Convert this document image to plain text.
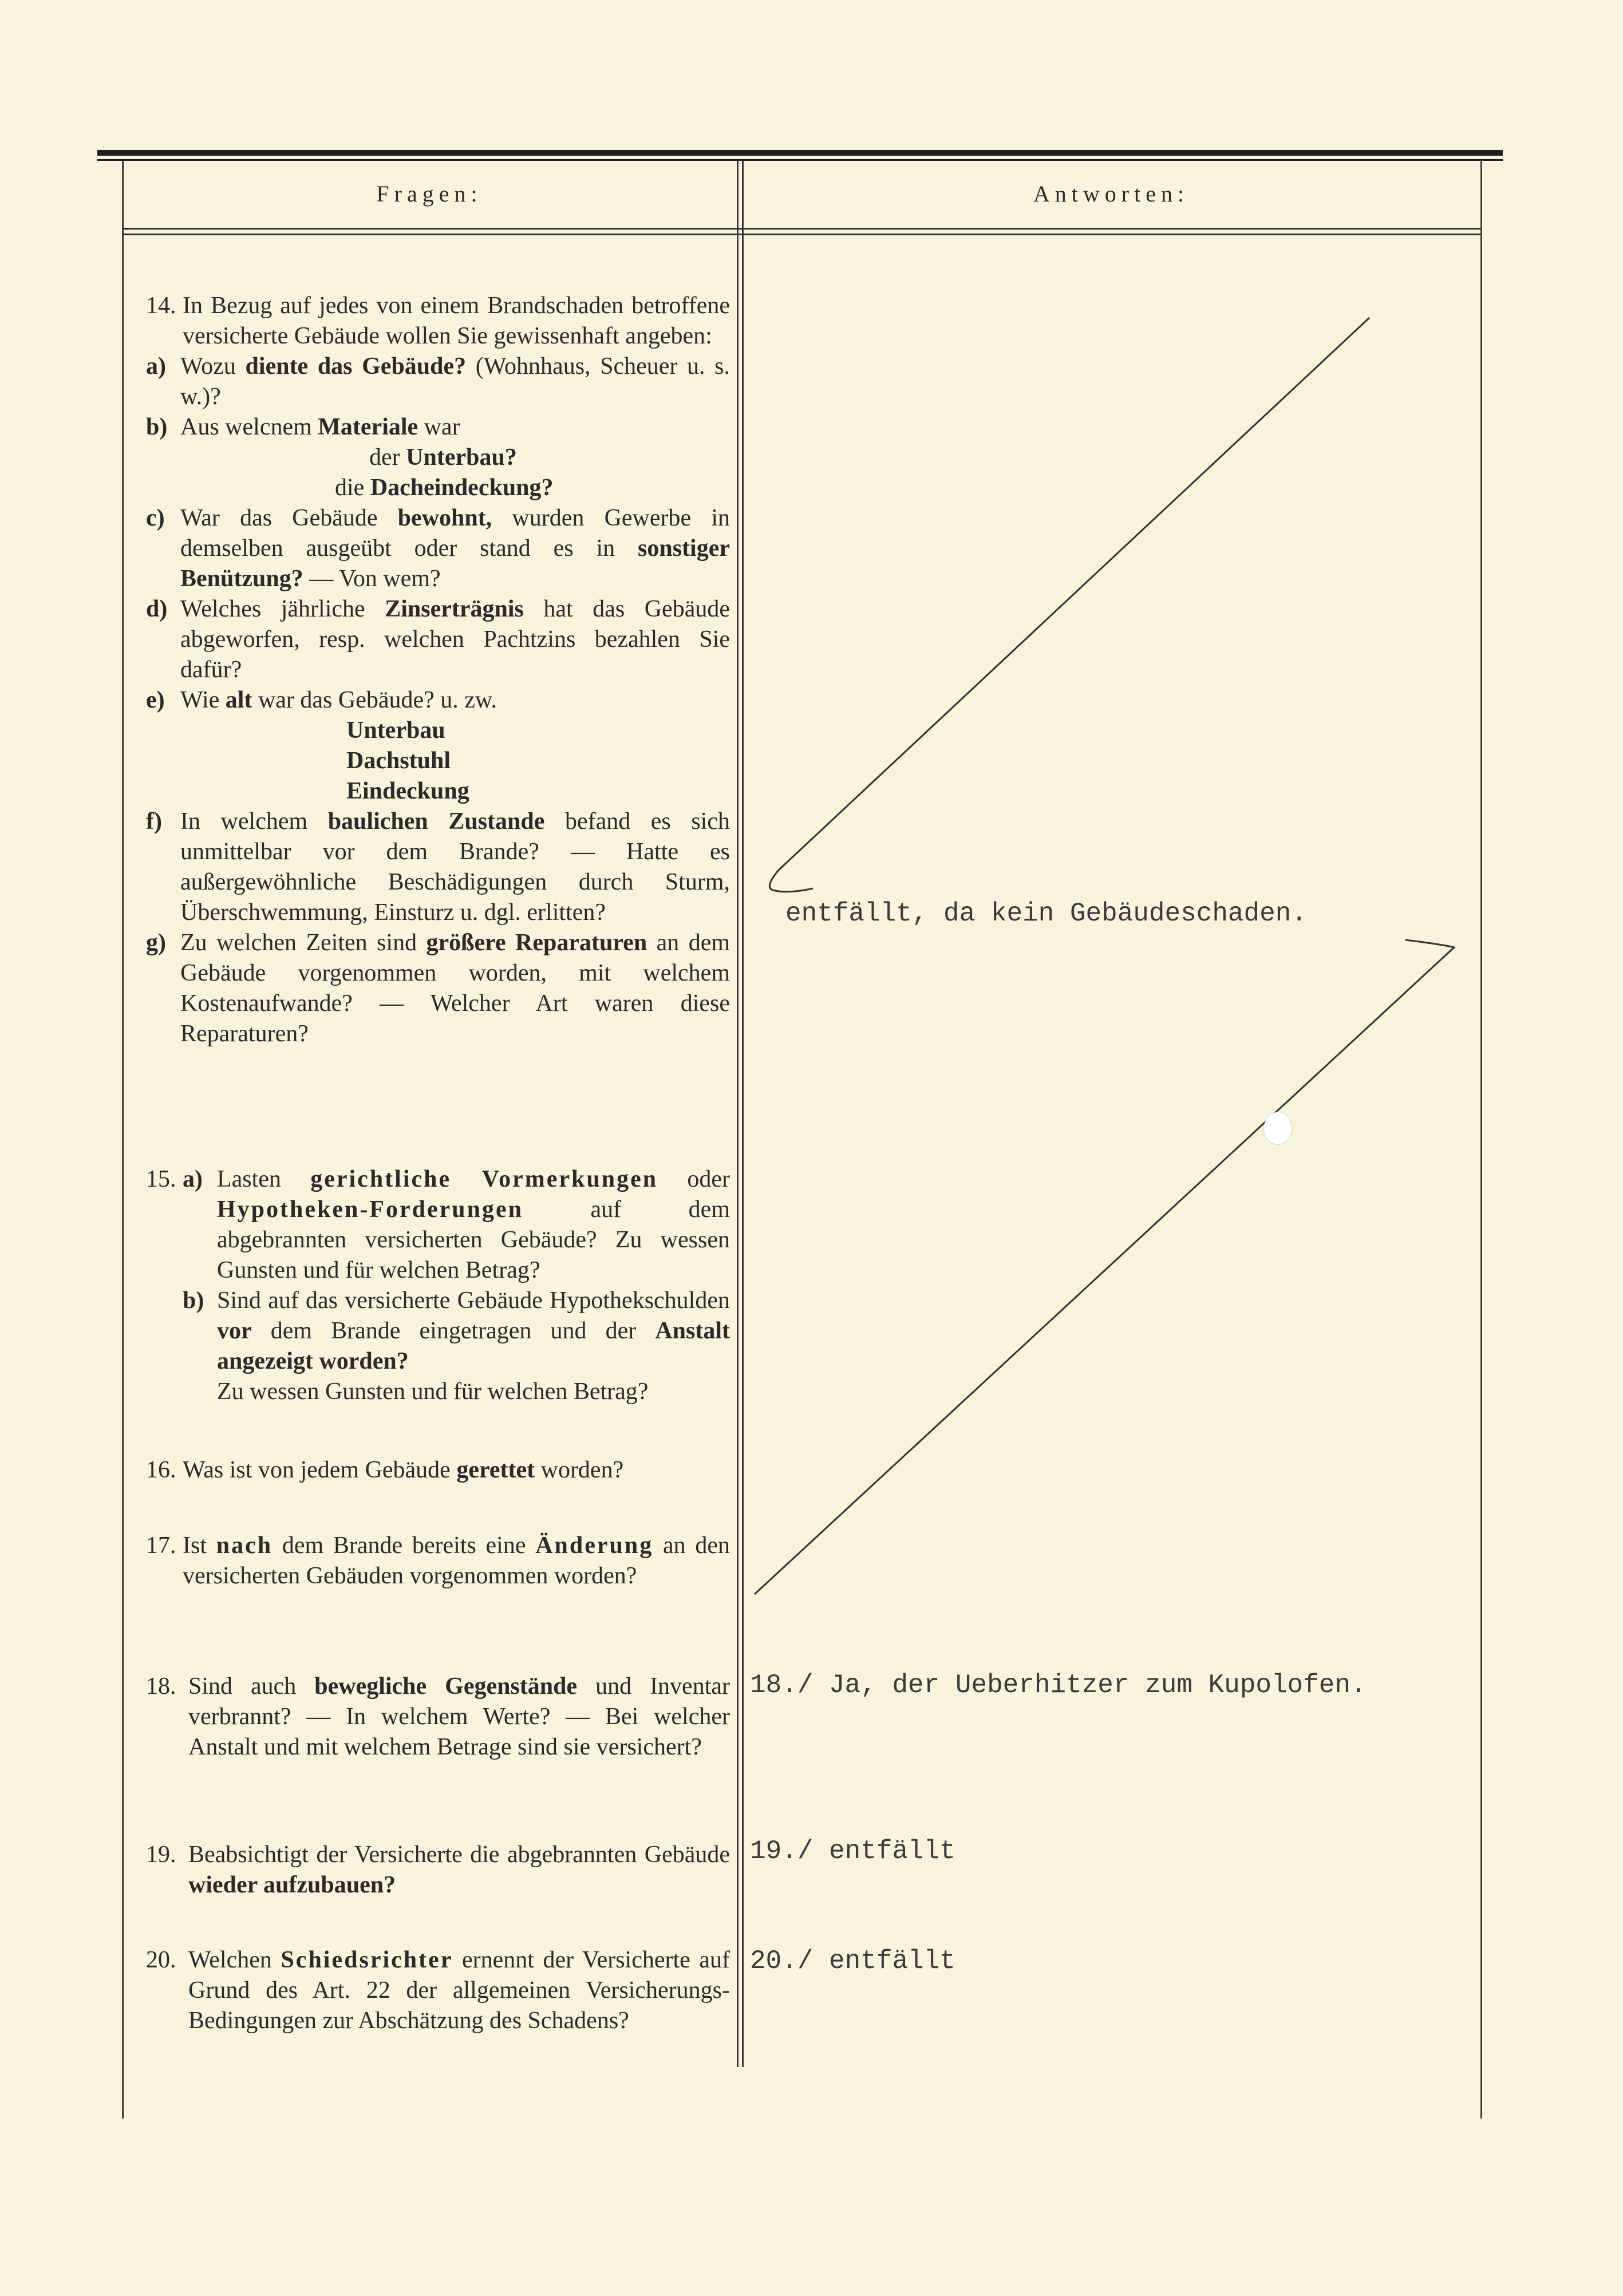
Fragen:	Antworten:
14. In Bezug auf jedes von einem Brandschaden betroffene versicherte Gebäude wollen Sie gewissenhaft angeben:
a) Wozu diente das Gebäude? (Wohnhaus, Scheuer u. s. w.)?
b) Aus welcnem Materiale war
der Unterbau?
die Dacheindeckung?
c) War das Gebäude bewohnt, wurden Gewerbe in demselben ausgeübt oder stand es in sonstiger Benützung? — Von wem?
d) Welches jährliche Zinserträgnis hat das Gebäude abgeworfen, resp. welchen Pachtzins bezahlen Sie dafür?
e) Wie alt war das Gebäude? u. zw.
Unterbau
Dachstuhl
Eindeckung
f) In welchem baulichen Zustande befand es sich unmittelbar vor dem Brande? — Hatte es außergewöhnliche Beschädigungen durch Sturm, Überschwemmung, Einsturz u. dgl. erlitten?
g) Zu welchen Zeiten sind größere Reparaturen an dem Gebäude vorgenommen worden, mit welchem Kostenaufwande? — Welcher Art waren diese Reparaturen?
15. a) Lasten gerichtliche Vormerkungen oder Hypotheken-Forderungen auf dem abgebrannten versicherten Gebäude? Zu wessen Gunsten und für welchen Betrag?
b) Sind auf das versicherte Gebäude Hypothekschulden vor dem Brande eingetragen und der Anstalt angezeigt worden?
Zu wessen Gunsten und für welchen Betrag?
16. Was ist von jedem Gebäude gerettet worden?
17. Ist nach dem Brande bereits eine Änderung an den versicherten Gebäuden vorgenommen worden?
18. Sind auch bewegliche Gegenstände und Inventar verbrannt? — In welchem Werte? — Bei welcher Anstalt und mit welchem Betrage sind sie versichert?
19. Beabsichtigt der Versicherte die abgebrannten Gebäude wieder aufzubauen?
20. Welchen Schiedsrichter ernennt der Versicherte auf Grund des Art. 22 der allgemeinen Versicherungs-Bedingungen zur Abschätzung des Schadens?
entfällt, da kein Gebäudeschaden.
18./ Ja, der Ueberhitzer zum Kupolofen.
19./ entfällt
20./ entfällt
